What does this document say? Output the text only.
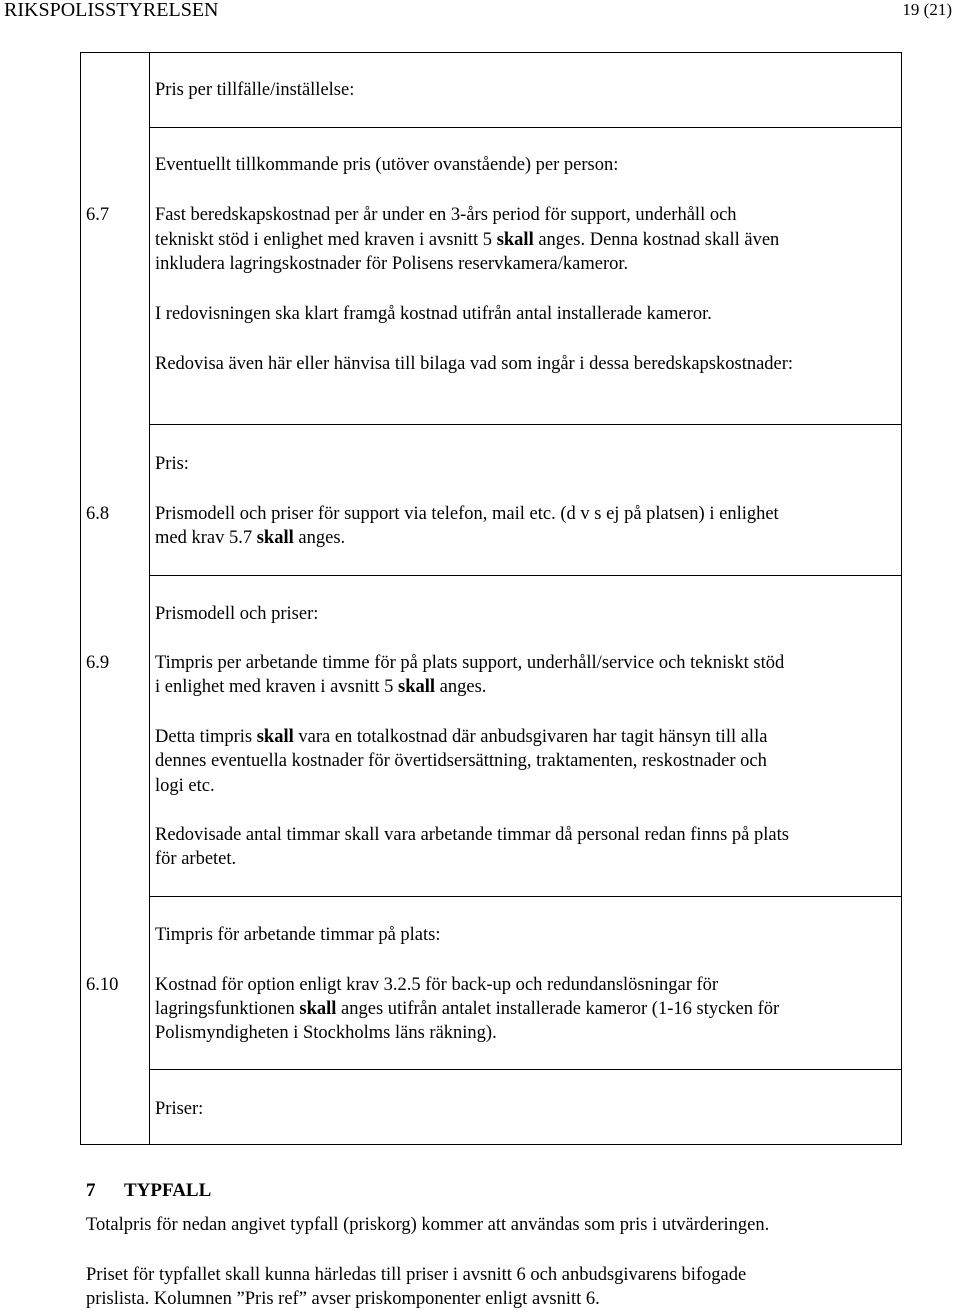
RIKSPOLISSTYRELSEN	19 (21)
Pris per tillfälle/inställelse:
Eventuellt tillkommande pris (utöver ovanstående) per person:
6.7 Fast beredskapskostnad per år under en 3-års period för support, underhåll och
tekniskt stöd i enlighet med kraven i avsnitt 5 skall anges. Denna kostnad skall även
inkludera lagringskostnader för Polisens reservkamera/kameror.
I redovisningen ska klart framgå kostnad utifrån antal installerade kameror.
Redovisa även här eller hänvisa till bilaga vad som ingår i dessa beredskapskostnader:
Pris:
6.8 Prismodell och priser för support via telefon, mail etc. (d v s ej på platsen) i enlighet
med krav 5.7 skall anges.
Prismodell och priser:
6.9 Timpris per arbetande timme för på plats support, underhåll/service och tekniskt stöd
i enlighet med kraven i avsnitt 5 skall anges.
Detta timpris skall vara en totalkostnad där anbudsgivaren har tagit hänsyn till alla
dennes eventuella kostnader för övertidsersättning, traktamenten, reskostnader och
logi etc.
Redovisade antal timmar skall vara arbetande timmar då personal redan finns på plats
för arbetet.
Timpris för arbetande timmar på plats:
6.10 Kostnad för option enligt krav 3.2.5 för back-up och redundanslösningar för
lagringsfunktionen skall anges utifrån antalet installerade kameror (1-16 stycken för
Polismyndigheten i Stockholms läns räkning).
Priser:
7 TYPFALL
Totalpris för nedan angivet typfall (priskorg) kommer att användas som pris i utvärderingen.
Priset för typfallet skall kunna härledas till priser i avsnitt 6 och anbudsgivarens bifogade
prislista. Kolumnen ”Pris ref” avser priskomponenter enligt avsnitt 6.
